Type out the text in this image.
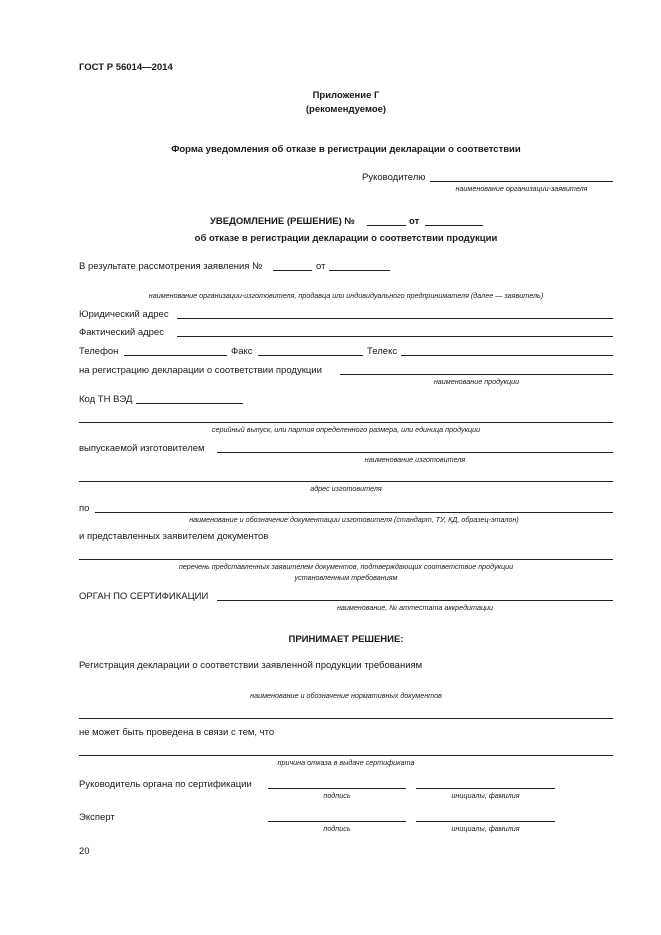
ГОСТ Р 56014—2014
Приложение Г
(рекомендуемое)
Форма уведомления об отказе в регистрации декларации о соответствии
Руководителю
наименование организации-заявителя
УВЕДОМЛЕНИЕ (РЕШЕНИЕ) №	от
об отказе в регистрации декларации о соответствии продукции
В результате рассмотрения заявления №	от
наименование организации-изготовителя, продавца или индивидуального предпринимателя (далее — заявитель)
Юридический адрес
Фактический адрес
Телефон	Факс	Телекс
на регистрацию декларации о соответствии продукции
наименование продукции
Код ТН ВЭД
серийный выпуск, или партия определенного размера, или единица продукции
выпускаемой изготовителем
наименование изготовителя
адрес изготовителя
по
наименование и обозначение документации изготовителя (стандарт, ТУ, КД, образец-эталон)
и представленных заявителем документов
перечень представленных заявителем документов, подтверждающих соответствие продукции
установленным требованиям
ОРГАН ПО СЕРТИФИКАЦИИ
наименование, № аттестата аккредитации
ПРИНИМАЕТ РЕШЕНИЕ:
Регистрация декларации о соответствии заявленной продукции требованиям
наименование и обозначение нормативных документов
не может быть проведена в связи с тем, что
причина отказа в выдаче сертификата
Руководитель органа по сертификации
подпись	инициалы, фамилия
Эксперт
подпись	инициалы, фамилия
20
